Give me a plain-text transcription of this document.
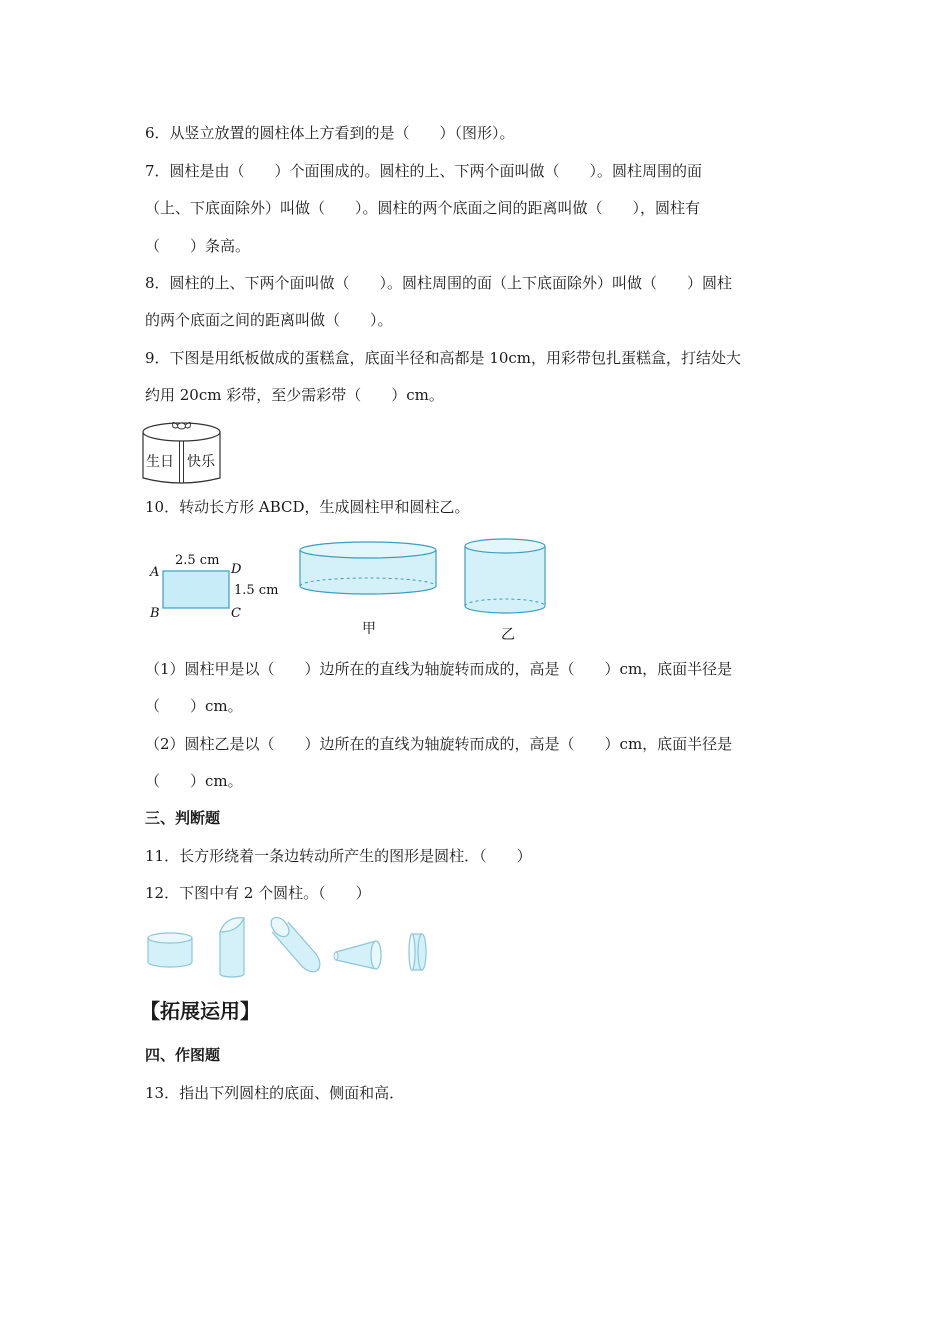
6．从竖立放置的圆柱体上方看到的是（　　）（图形）。
7．圆柱是由（　　）个面围成的。圆柱的上、下两个面叫做（　　）。圆柱周围的面
（上、下底面除外）叫做（　　）。圆柱的两个底面之间的距离叫做（　　），圆柱有
（　　）条高。
8．圆柱的上、下两个面叫做（　　）。圆柱周围的面（上下底面除外）叫做（　　）圆柱
的两个底面之间的距离叫做（　　）。
9．下图是用纸板做成的蛋糕盒，底面半径和高都是 10cm，用彩带包扎蛋糕盒，打结处大
约用 20cm 彩带，至少需彩带（　　）cm。
生日 快乐
10．转动长方形 ABCD，生成圆柱甲和圆柱乙。
2.5 cm
1.5 cm
A	D
B	C
甲	乙
（1）圆柱甲是以（　　）边所在的直线为轴旋转而成的，高是（　　）cm，底面半径是
（　　）cm。
（2）圆柱乙是以（　　）边所在的直线为轴旋转而成的，高是（　　）cm，底面半径是
（　　）cm。
三、判断题
11．长方形绕着一条边转动所产生的图形是圆柱．（　　）
12．下图中有 2 个圆柱。（　　）
【拓展运用】
四、作图题
13．指出下列圆柱的底面、侧面和高．
